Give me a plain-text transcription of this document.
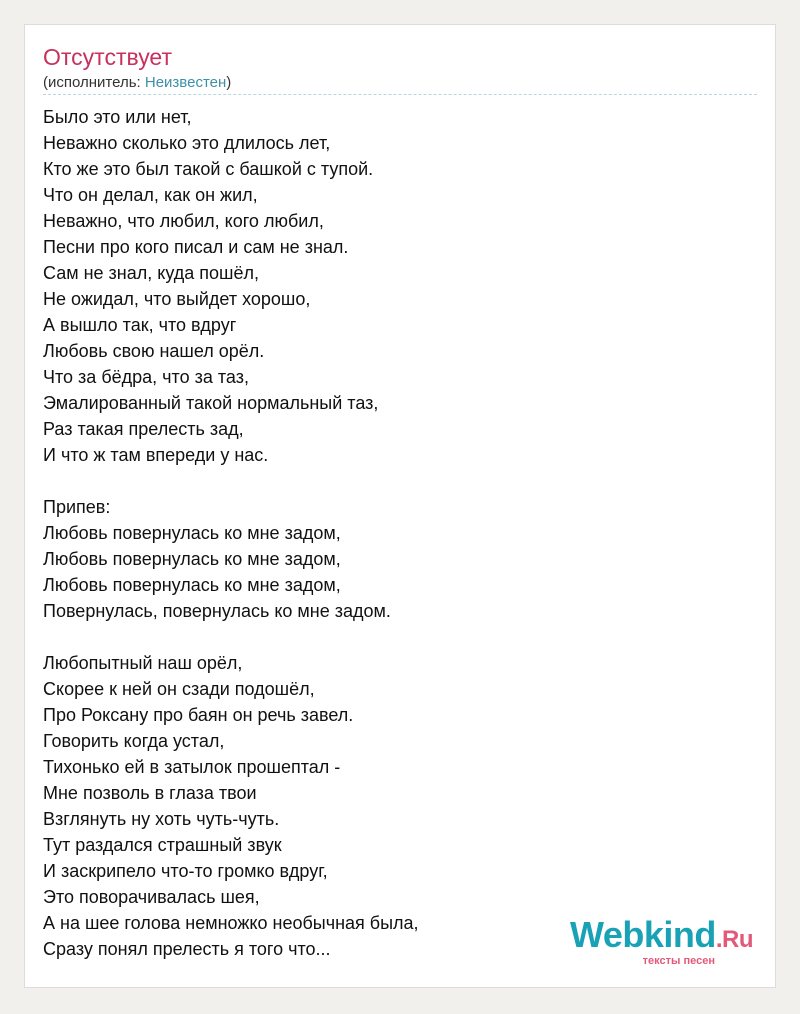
Отсутствует
(исполнитель: Неизвестен)
Было это или нет,
Неважно сколько это длилось лет,
Кто же это был такой с башкой с тупой.
Что он делал, как он жил,
Неважно, что любил, кого любил,
Песни про кого писал и сам не знал.
Сам не знал, куда пошёл,
Не ожидал, что выйдет хорошо,
А вышло так, что вдруг
Любовь свою нашел орёл.
Что за бёдра, что за таз,
Эмалированный такой нормальный таз,
Раз такая прелесть зад,
И что ж там впереди у нас.
Припев:
Любовь повернулась ко мне задом,
Любовь повернулась ко мне задом,
Любовь повернулась ко мне задом,
Повернулась, повернулась ко мне задом.
Любопытный наш орёл,
Скорее к ней он сзади подошёл,
Про Роксану про баян он речь завел.
Говорить когда устал,
Тихонько ей в затылок прошептал -
Мне позволь в глаза твои
Взглянуть ну хоть чуть-чуть.
Тут раздался страшный звук
И заскрипело что-то громко вдруг,
Это поворачивалась шея,
А на шее голова немножко необычная была,
Сразу понял прелесть я того что...	Webkind.Ru
тексты песен
